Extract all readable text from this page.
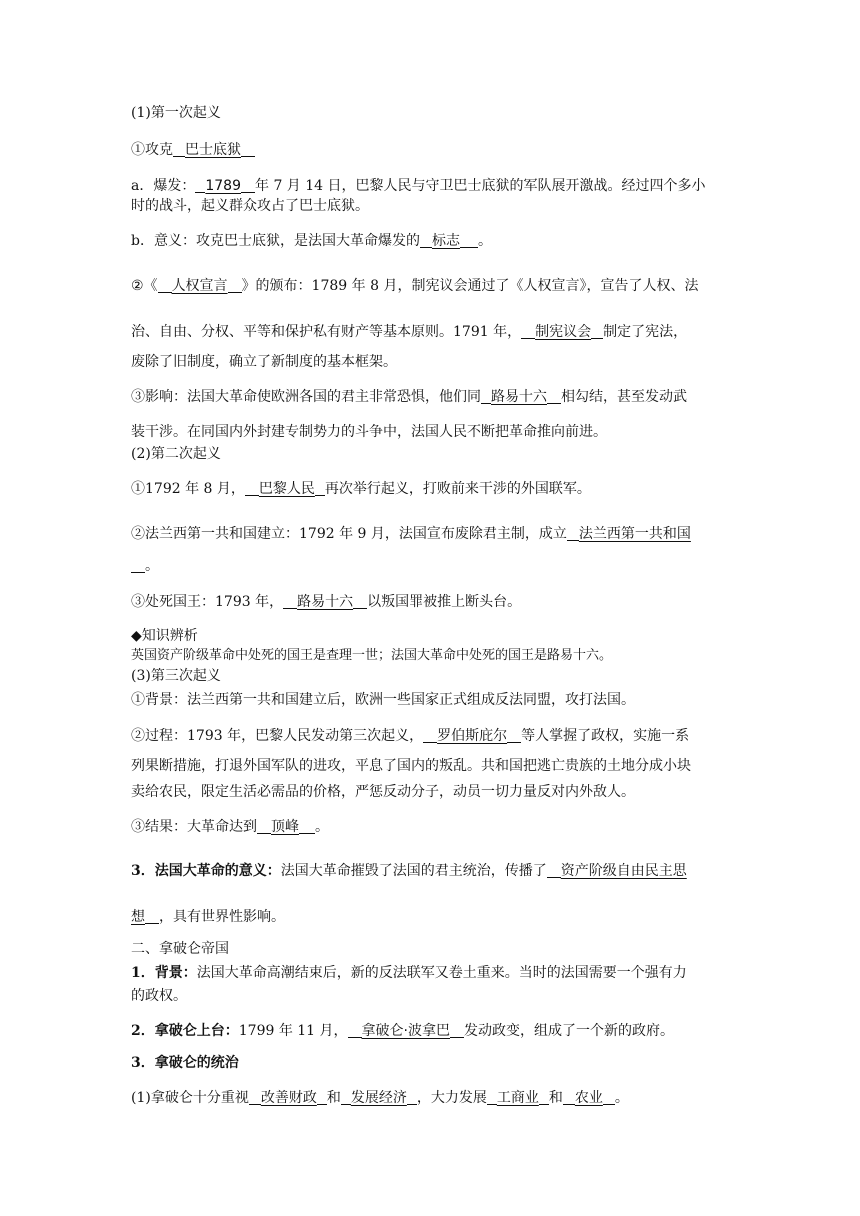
(1)第一次起义
①攻克 巴士底狱
a．爆发： 1789 年 7 月 14 日，巴黎人民与守卫巴士底狱的军队展开激战。经过四个多小
时的战斗，起义群众攻占了巴士底狱。
b．意义：攻克巴士底狱，是法国大革命爆发的 标志 。
②《 人权宣言 》的颁布：1789 年 8 月，制宪议会通过了《人权宣言》，宣告了人权、法
治、自由、分权、平等和保护私有财产等基本原则。1791 年， 制宪议会 制定了宪法，
废除了旧制度，确立了新制度的基本框架。
③影响：法国大革命使欧洲各国的君主非常恐惧，他们同 路易十六 相勾结，甚至发动武
装干涉。在同国内外封建专制势力的斗争中，法国人民不断把革命推向前进。
(2)第二次起义
①1792 年 8 月， 巴黎人民 再次举行起义，打败前来干涉的外国联军。
②法兰西第一共和国建立：1792 年 9 月，法国宣布废除君主制，成立 法兰西第一共和国
。
③处死国王：1793 年， 路易十六 以叛国罪被推上断头台。
◆知识辨析
英国资产阶级革命中处死的国王是查理一世；法国大革命中处死的国王是路易十六。
(3)第三次起义
①背景：法兰西第一共和国建立后，欧洲一些国家正式组成反法同盟，攻打法国。
②过程：1793 年，巴黎人民发动第三次起义， 罗伯斯庇尔 等人掌握了政权，实施一系
列果断措施，打退外国军队的进攻，平息了国内的叛乱。共和国把逃亡贵族的土地分成小块
卖给农民，限定生活必需品的价格，严惩反动分子，动员一切力量反对内外敌人。
③结果：大革命达到 顶峰 。
3．法国大革命的意义：法国大革命摧毁了法国的君主统治，传播了 资产阶级自由民主思
想 ，具有世界性影响。
二、拿破仑帝国
1．背景：法国大革命高潮结束后，新的反法联军又卷土重来。当时的法国需要一个强有力
的政权。
2．拿破仑上台：1799 年 11 月， 拿破仑·波拿巴 发动政变，组成了一个新的政府。
3．拿破仑的统治
(1)拿破仑十分重视 改善财政 和 发展经济 ，大力发展 工商业 和 农业 。
